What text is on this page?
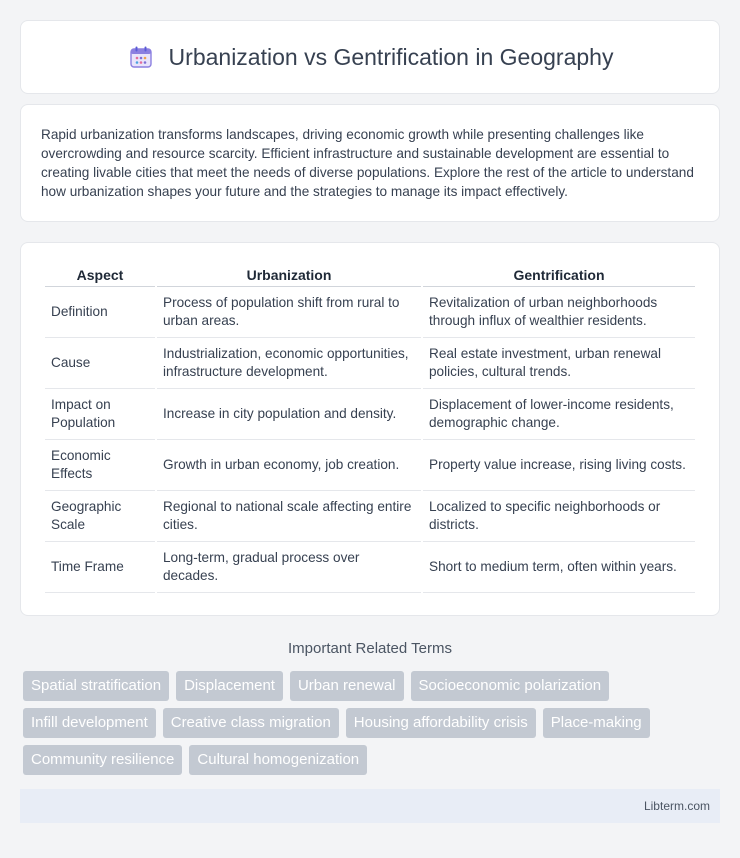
Urbanization vs Gentrification in Geography

Rapid urbanization transforms landscapes, driving economic growth while presenting challenges like overcrowding and resource scarcity. Efficient infrastructure and sustainable development are essential to creating livable cities that meet the needs of diverse populations. Explore the rest of the article to understand how urbanization shapes your future and the strategies to manage its impact effectively.

Aspect	Urbanization	Gentrification
Definition	Process of population shift from rural to urban areas.	Revitalization of urban neighborhoods through influx of wealthier residents.
Cause	Industrialization, economic opportunities, infrastructure development.	Real estate investment, urban renewal policies, cultural trends.
Impact on Population	Increase in city population and density.	Displacement of lower-income residents, demographic change.
Economic Effects	Growth in urban economy, job creation.	Property value increase, rising living costs.
Geographic Scale	Regional to national scale affecting entire cities.	Localized to specific neighborhoods or districts.
Time Frame	Long-term, gradual process over decades.	Short to medium term, often within years.
Important Related Terms
Spatial stratification	Displacement	Urban renewal	Socioeconomic polarization
Infill development	Creative class migration	Housing affordability crisis	Place-making
Community resilience	Cultural homogenization
Libterm.com
